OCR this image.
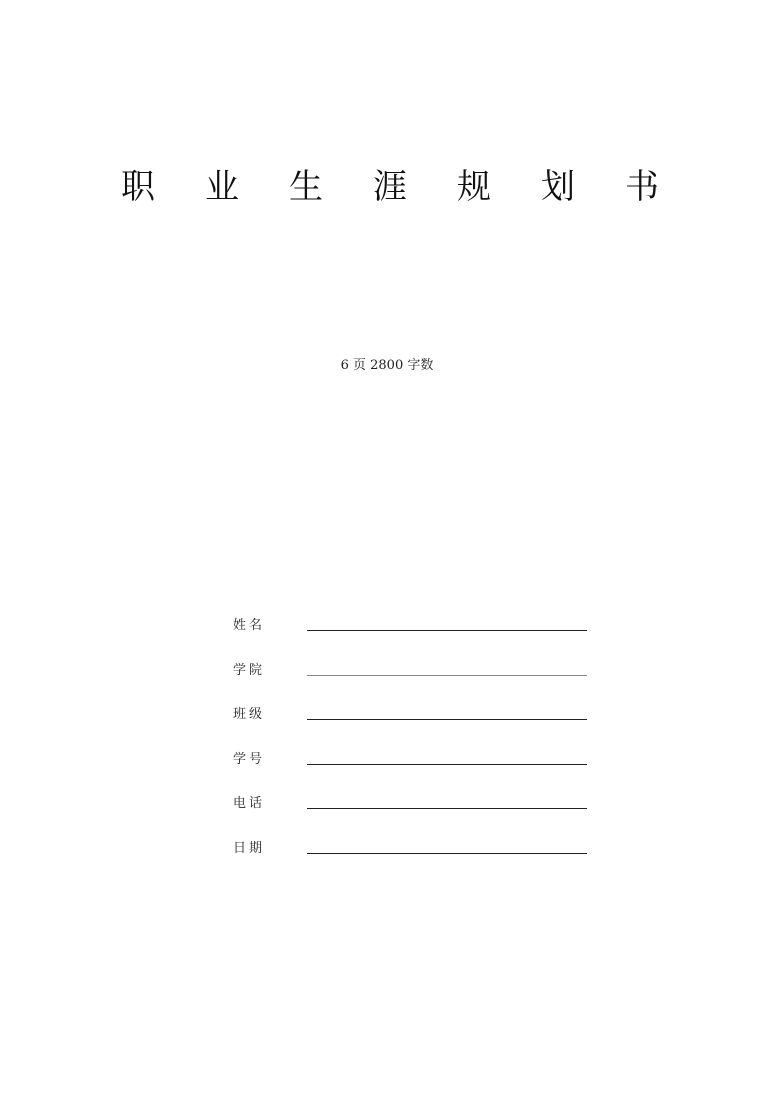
职	业	生	涯	规	划	书
6 页 2800 字数
姓名
学院
班级
学号
电话
日期
